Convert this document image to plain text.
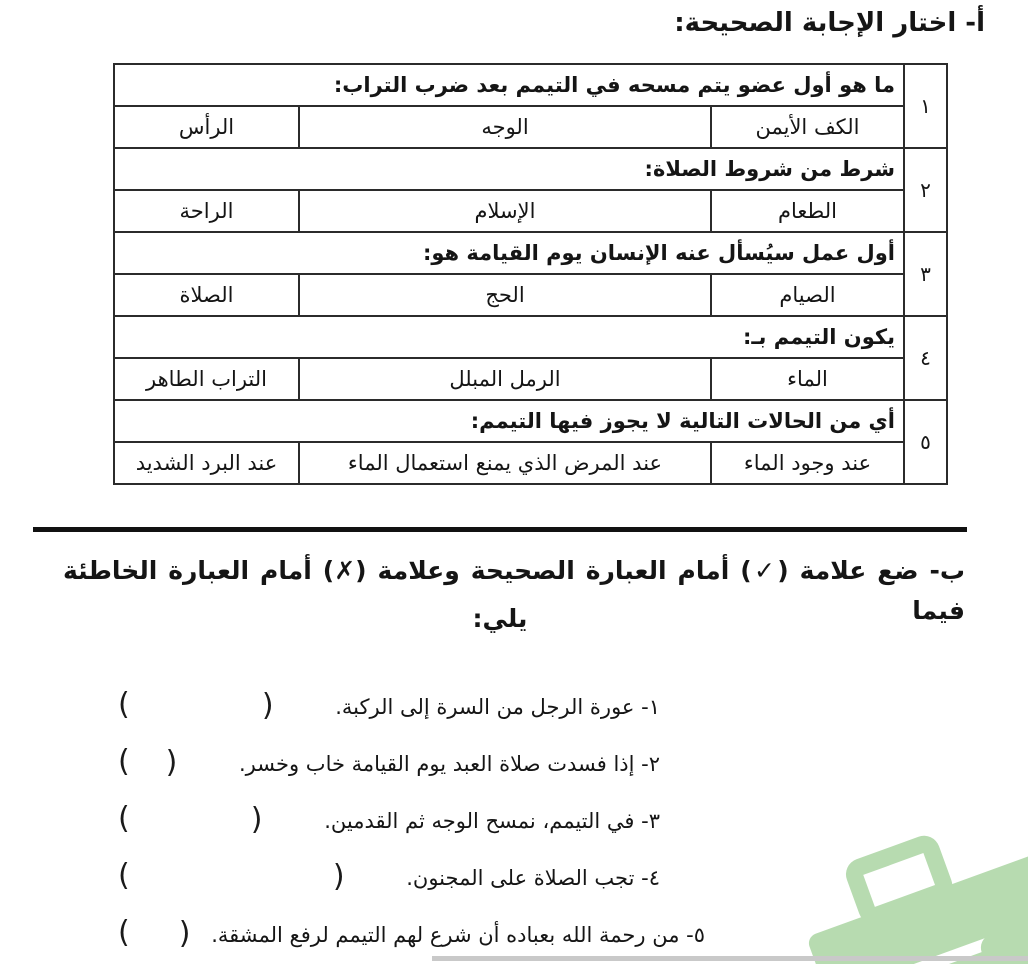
أ- اختار الإجابة الصحيحة:
١	ما هو أول عضو يتم مسحه في التيمم بعد ضرب التراب:		
	الكف الأيمن	الوجه	الرأس
٢	شرط من شروط الصلاة:		
	الطعام	الإسلام	الراحة
٣	أول عمل سيُسأل عنه الإنسان يوم القيامة هو:		
	الصيام	الحج	الصلاة
٤	يكون التيمم بـ:		
	الماء	الرمل المبلل	التراب الطاهر
٥	أي من الحالات التالية لا يجوز فيها التيمم:		
	عند وجود الماء	عند المرض الذي يمنع استعمال الماء	عند البرد الشديد
ب- ضع علامة (✓) أمام العبارة الصحيحة وعلامة (✗) أمام العبارة الخاطئة فيما
يلي:
١- عورة الرجل من السرة إلى الركبة. )
(
٢- إذا فسدت صلاة العبد يوم القيامة خاب وخسر. )
(
٣- في التيمم، نمسح الوجه ثم القدمين. )
(
٤- تجب الصلاة على المجنون. )
(
٥- من رحمة الله بعباده أن شرع لهم التيمم لرفع المشقة. )
(
